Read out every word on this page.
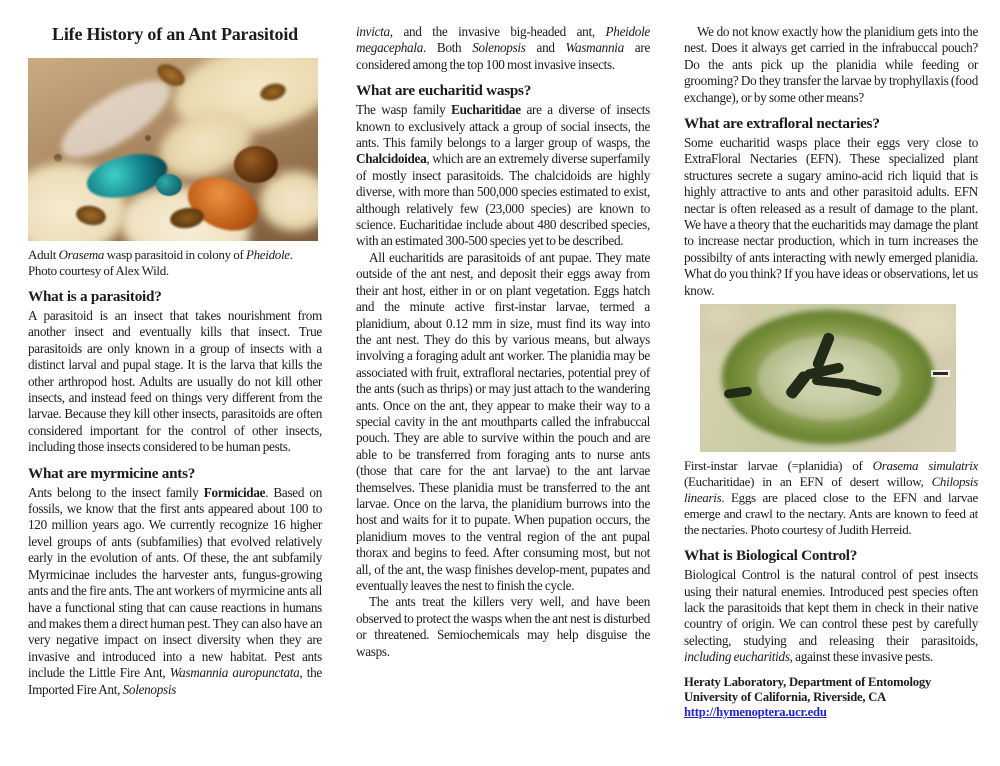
Life History of an Ant Parasitoid
Adult Orasema wasp parasitoid in colony of Pheidole. Photo courtesy of Alex Wild.
What is a parasitoid?

A parasitoid is an insect that takes nourishment from another insect and eventually kills that insect. True parasitoids are only known in a group of insects with a distinct larval and pupal stage. It is the larva that kills the other arthropod host. Adults are usually do not kill other insects, and instead feed on things very different from the larvae. Because they kill other insects, parasitoids are often considered important for the control of other insects, including those insects considered to be human pests.

What are myrmicine ants?

Ants belong to the insect family Formicidae. Based on fossils, we know that the first ants appeared about 100 to 120 million years ago. We currently recognize 16 higher level groups of ants (subfamilies) that evolved relatively early in the evolution of ants. Of these, the ant subfamily Myrmicinae includes the harvester ants, fungus-growing ants and the fire ants. The ant workers of myrmicine ants all have a functional sting that can cause reactions in humans and makes them a direct human pest. They can also have an very negative impact on insect diversity when they are invasive and introduced into a new habitat. Pest ants include the Little Fire Ant, Wasmannia auropunctata, the Imported Fire Ant, Solenopsis

invicta, and the invasive big-headed ant, Pheidole megacephala. Both Solenopsis and Wasmannia are considered among the top 100 most invasive insects.

What are eucharitid wasps?

The wasp family Eucharitidae are a diverse of insects known to exclusively attack a group of social insects, the ants. This family belongs to a larger group of wasps, the Chalcidoidea, which are an extremely diverse superfamily of mostly insect parasitoids. The chalcidoids are highly diverse, with more than 500,000 species estimated to exist, although relatively few (23,000 species) are known to science. Eucharitidae include about 480 described species, with an estimated 300-500 species yet to be described.

All eucharitids are parasitoids of ant pupae. They mate outside of the ant nest, and deposit their eggs away from their ant host, either in or on plant vegetation. Eggs hatch and the minute active first-instar larvae, termed a planidium, about 0.12 mm in size, must find its way into the ant nest. They do this by various means, but always involving a foraging adult ant worker. The planidia may be associated with fruit, extrafloral nectaries, potential prey of the ants (such as thrips) or may just attach to the wandering ants. Once on the ant, they appear to make their way to a special cavity in the ant mouthparts called the infrabuccal pouch. They are able to survive within the pouch and are able to be transferred from foraging ants to nurse ants (those that care for the ant larvae) to the ant larvae themselves. These planidia must be transferred to the ant larvae. Once on the larva, the planidium burrows into the host and waits for it to pupate. When pupation occurs, the planidium moves to the ventral region of the ant pupal thorax and begins to feed. After consuming most, but not all, of the ant, the wasp finishes develop-ment, pupates and eventually leaves the nest to finish the cycle.

The ants treat the killers very well, and have been observed to protect the wasps when the ant nest is disturbed or threatened. Semiochemicals may help disguise the wasps.

We do not know exactly how the planidium gets into the nest. Does it always get carried in the infrabuccal pouch? Do the ants pick up the planidia while feeding or grooming? Do they transfer the larvae by trophyllaxis (food exchange), or by some other means?

What are extrafloral nectaries?

Some eucharitid wasps place their eggs very close to ExtraFloral Nectaries (EFN). These specialized plant structures secrete a sugary amino-acid rich liquid that is highly attractive to ants and other parasitoid adults. EFN nectar is often released as a result of damage to the plant. We have a theory that the eucharitids may damage the plant to increase nectar production, which in turn increases the possibilty of ants interacting with newly emerged planidia. What do you think? If you have ideas or observations, let us know.

First-instar larvae (=planidia) of Orasema simulatrix (Eucharitidae) in an EFN of desert willow, Chilopsis linearis. Eggs are placed close to the EFN and larvae emerge and crawl to the nectary. Ants are known to feed at the nectaries. Photo courtesy of Judith Herreid.
What is Biological Control?

Biological Control is the natural control of pest insects using their natural enemies. Introduced pest species often lack the parasitoids that kept them in check in their native country of origin. We can control these pest by carefully selecting, studying and releasing their parasitoids, including eucharitids, against these invasive pests.

Heraty Laboratory, Department of Entomology
University of California, Riverside, CA
http://hymenoptera.ucr.edu
